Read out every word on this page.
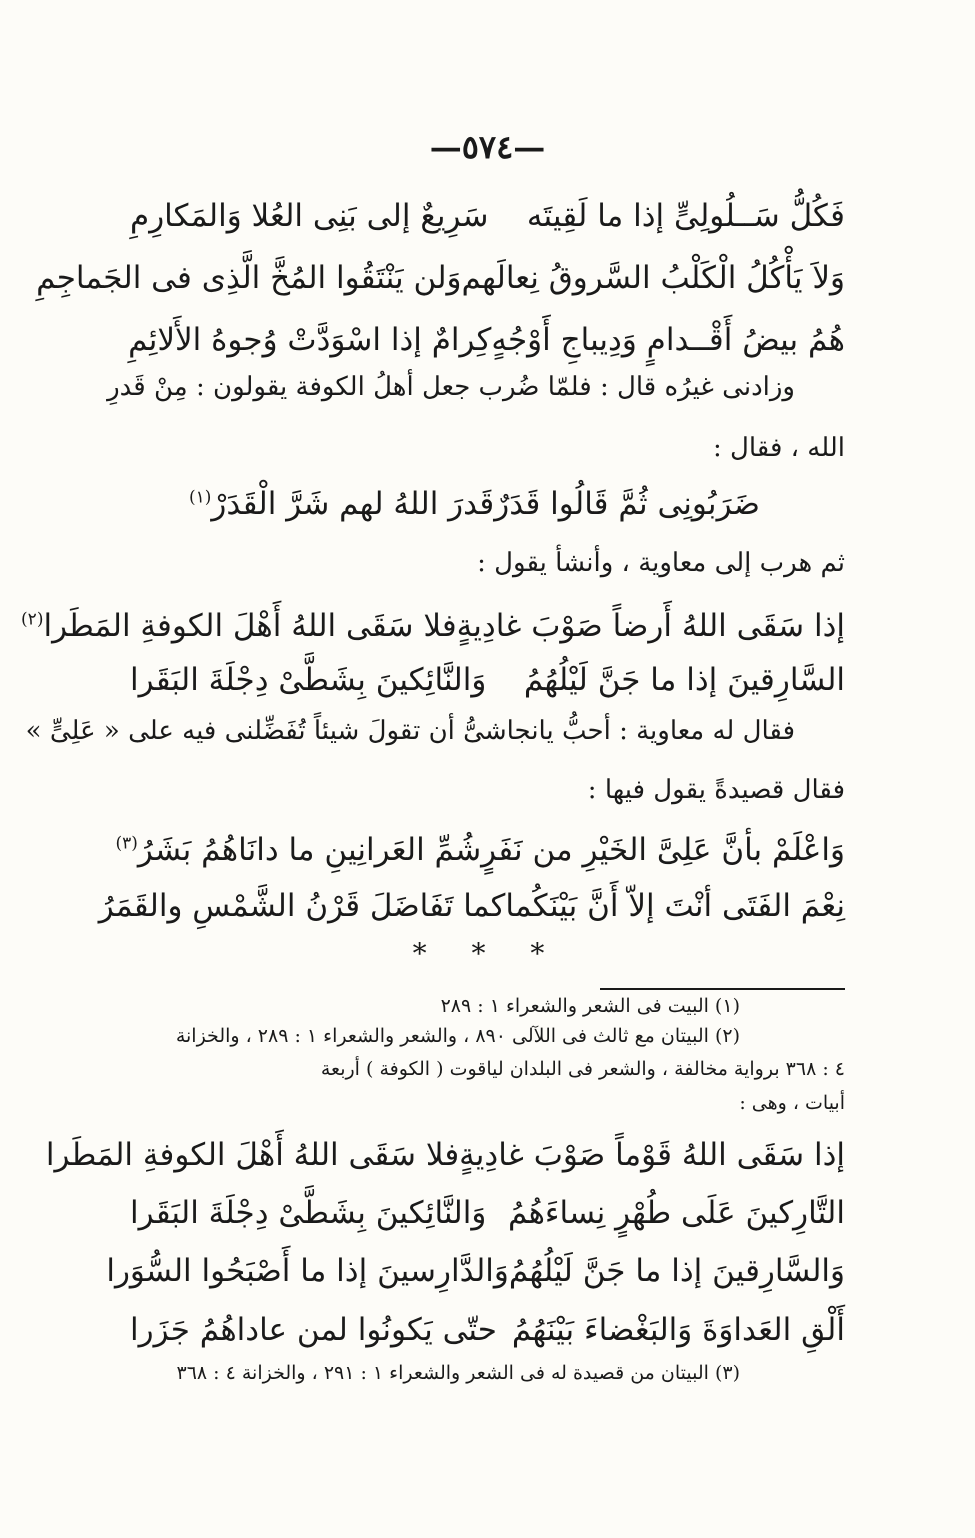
—٥٧٤—
فَكُلُّ سَــلُولِىٍّ إذا ما لَقِيتَه
سَرِيعٌ إلى بَنِى العُلا وَالمَكارِمِ
وَلاَ يَأْكُلُ الْكَلْبُ السَّروقُ نِعالَهم
وَلن يَنْتَقُوا المُخَّ الَّذِى فى الجَماجِمِ
هُمُ بيضُ أَقْــدامٍ وَدِيباجِ أَوْجُهٍ
كِرامٌ إذا اسْوَدَّتْ وُجوهُ الأَلائِمِ
وزادنى غيرُه قال : فلمّا ضُرب جعل أهلُ الكوفة يقولون : مِنْ قَدرِ
الله ، فقال :
ضَرَبُونِى ثُمَّ قَالُوا قَدَرٌ
قَدرَ اللهُ لهم شَرَّ الْقَدَرْ$^{(١)}$
ثم هرب إلى معاوية ، وأنشأ يقول :
إذا سَقَى اللهُ أَرضاً صَوْبَ غادِيةٍ
فلا سَقَى اللهُ أَهْلَ الكوفةِ المَطَرا$^{(٢)}$
السَّارِقينَ إذا ما جَنَّ لَيْلُهُمُ
وَالنَّائِكينَ بِشَطَّىْ دِجْلَةَ البَقَرا
فقال له معاوية : أحبُّ يانجاشىُّ أن تقولَ شيئاً تُفَضِّلنى فيه على « عَلِىٍّ »
فقال قصيدةً يقول فيها :
وَاعْلَمْ بأنَّ عَلِىَّ الخَيْرِ من نَفَرٍ
شُمِّ العَرانِينِ ما دانَاهُمُ بَشَرُ$^{(٣)}$
نِعْمَ الفَتَى أنْتَ إلاّ أَنَّ بَيْنَكُما
كما تَفَاضَلَ قَرْنُ الشَّمْسِ والقَمَرُ
* * *
(١) البيت فى الشعر والشعراء ١ : ٢٨٩
(٢) البيتان مع ثالث فى اللآلى ٨٩٠ ، والشعر والشعراء ١ : ٢٨٩ ، والخزانة
٤ : ٣٦٨ برواية مخالفة ، والشعر فى البلدان لياقوت ( الكوفة ) أربعة
أبيات ، وهى :
إذا سَقَى اللهُ قَوْماً صَوْبَ غادِيةٍ
فلا سَقَى اللهُ أَهْلَ الكوفةِ المَطَرا
التَّارِكينَ عَلَى طُهْرٍ نِساءَهُمُ
وَالنَّائِكينَ بِشَطَّىْ دِجْلَةَ البَقَرا
وَالسَّارِقينَ إذا ما جَنَّ لَيْلُهُمُ
وَالدَّارِسينَ إذا ما أَصْبَحُوا السُّوَرا
أَلْقِ العَداوَةَ وَالبَغْضاءَ بَيْنَهُمُ
حتّى يَكونُوا لمن عاداهُمُ جَزَرا
(٣) البيتان من قصيدة له فى الشعر والشعراء ١ : ٢٩١ ، والخزانة ٤ : ٣٦٨
